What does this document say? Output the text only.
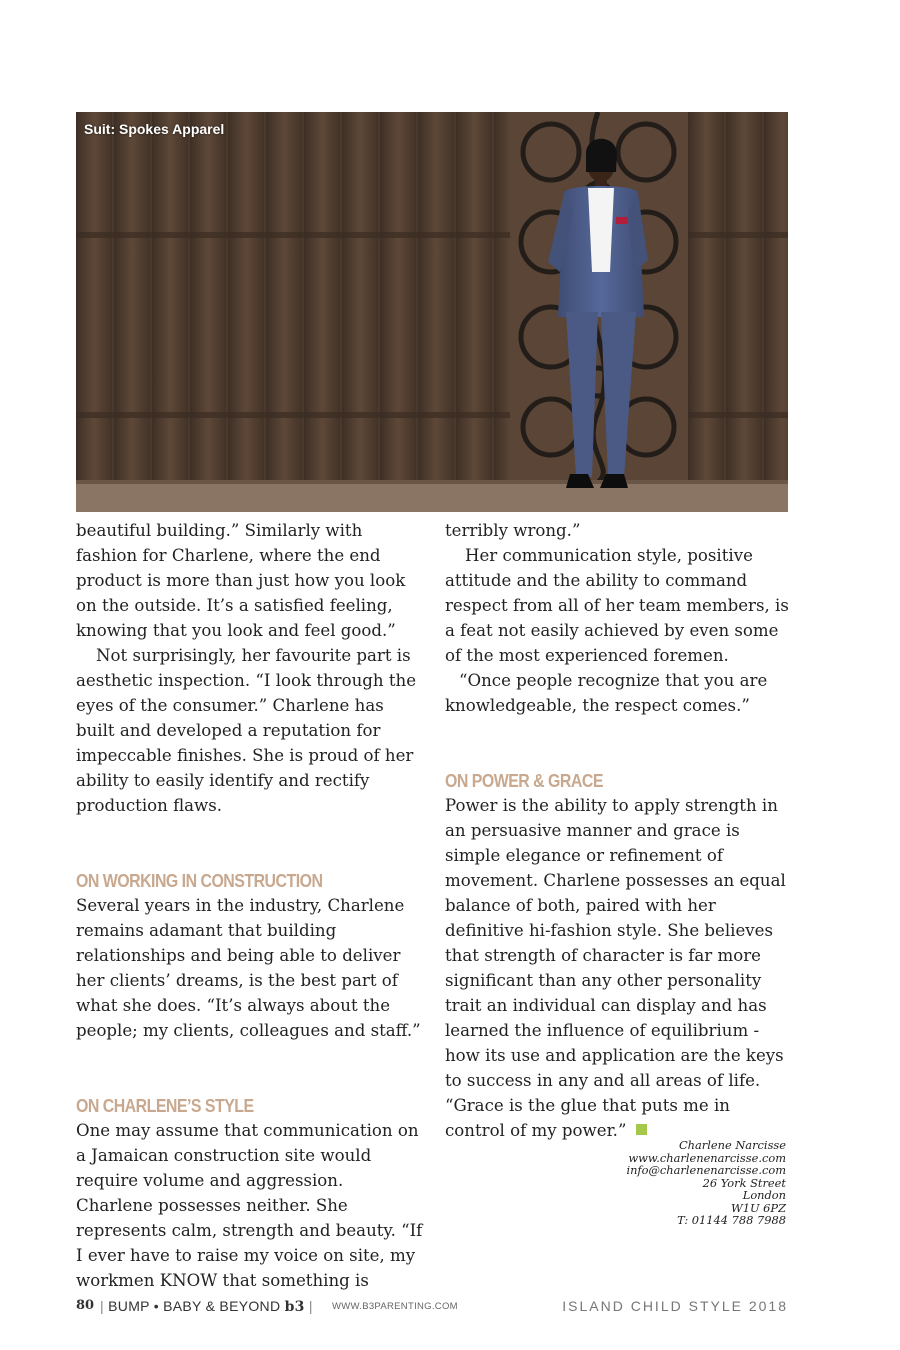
Suit: Spokes Apparel

beautiful building.” Similarly with fashion for Charlene, where the end product is more than just how you look on the outside. It’s a satisfied feeling, knowing that you look and feel good.”

Not surprisingly, her favourite part is aesthetic inspection. “I look through the eyes of the consumer.” Charlene has built and developed a reputation for impeccable finishes. She is proud of her ability to easily identify and rectify production flaws.

ON WORKING IN CONSTRUCTION

Several years in the industry, Charlene remains adamant that building relationships and being able to deliver her clients’ dreams, is the best part of what she does. “It’s always about the people; my clients, colleagues and staff.”

ON CHARLENE’S STYLE

One may assume that communication on a Jamaican construction site would require volume and aggression. Charlene possesses neither. She represents calm, strength and beauty. “If I ever have to raise my voice on site, my workmen KNOW that something is

terribly wrong.”

Her communication style, positive attitude and the ability to command respect from all of her team members, is a feat not easily achieved by even some of the most experienced foremen.

“Once people recognize that you are knowledgeable, the respect comes.”

ON POWER & GRACE

Power is the ability to apply strength in an persuasive manner and grace is simple elegance or refinement of movement. Charlene possesses an equal balance of both, paired with her definitive hi-fashion style. She believes that strength of character is far more significant than any other personality trait an individual can display and has learned the influence of equilibrium - how its use and application are the keys to success in any and all areas of life. “Grace is the glue that puts me in control of my power.”

Charlene Narcisse
www.charlenenarcisse.com
info@charlenenarcisse.com
26 York Street
London
W1U 6PZ
T: 01144 788 7988
80 | BUMP • BABY & BEYOND b3 | WWW.B3PARENTING.COM	ISLAND CHILD STYLE 2018
